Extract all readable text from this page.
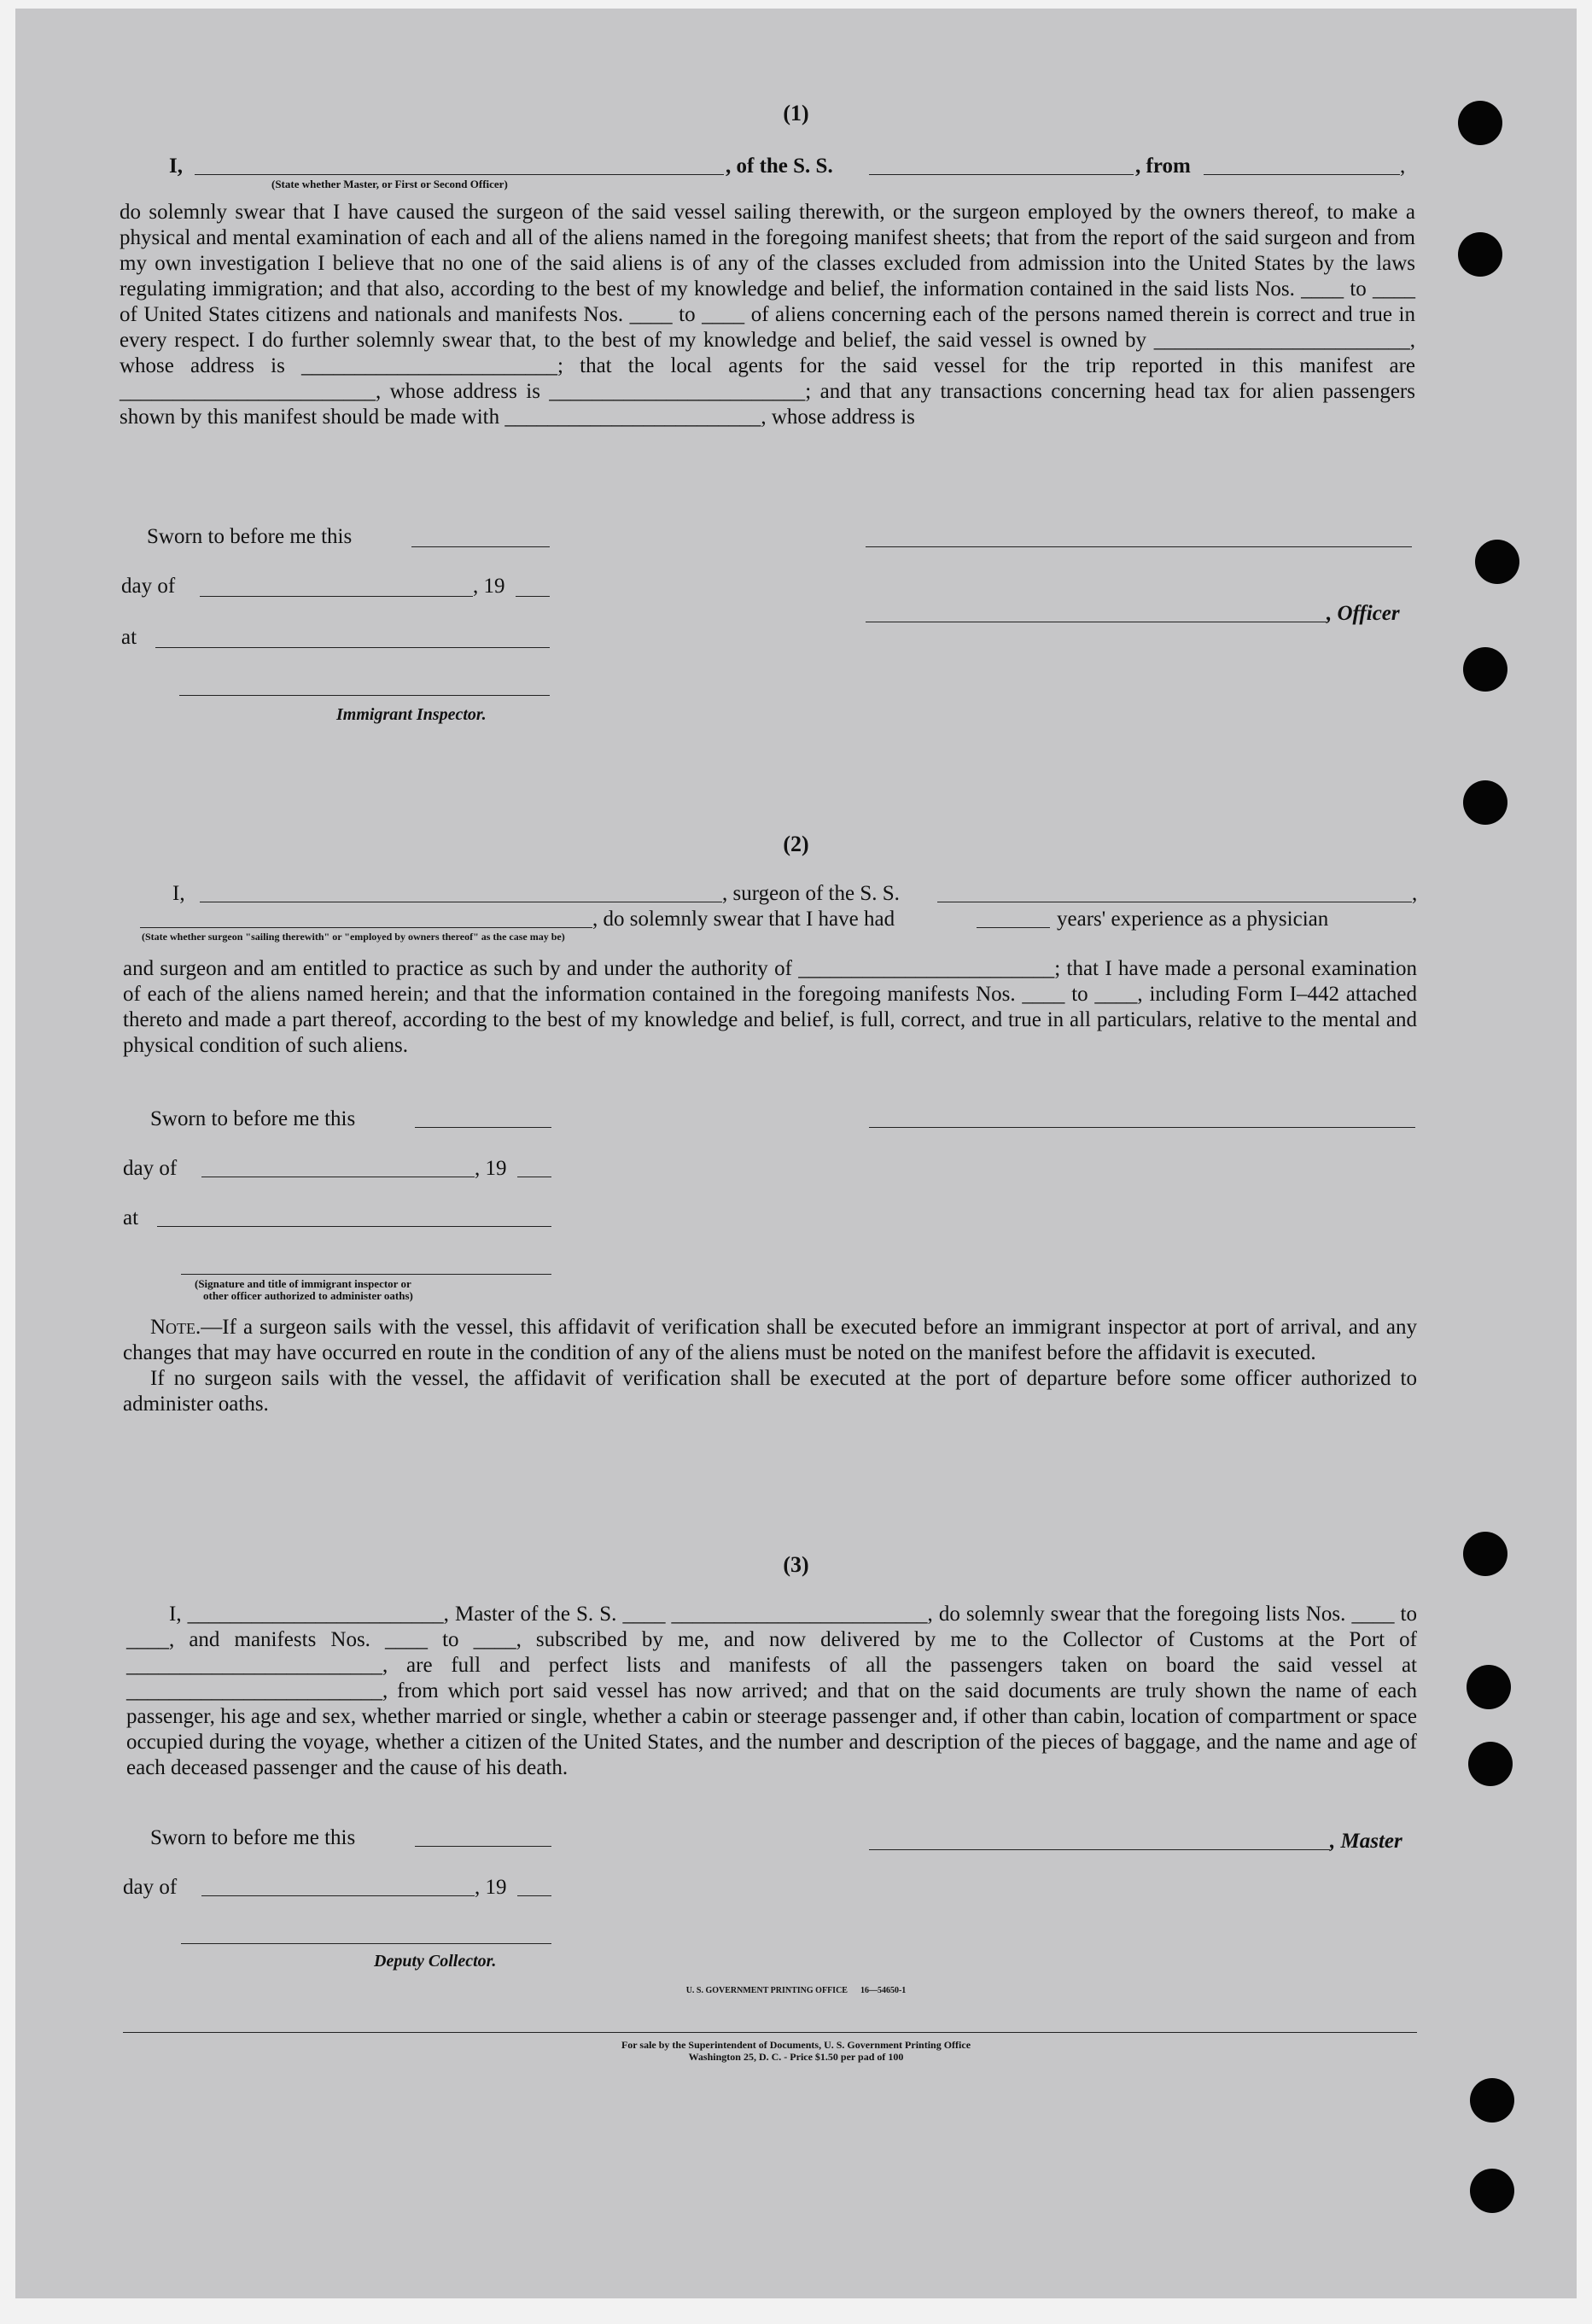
(1)
I,	, of the S. S.	, from	,
(State whether Master, or First or Second Officer)

do solemnly swear that I have caused the surgeon of the said vessel sailing therewith, or the surgeon employed by the owners thereof, to make a physical and mental examination of each and all of the aliens named in the foregoing manifest sheets; that from the report of the said surgeon and from my own investigation I believe that no one of the said aliens is of any of the classes excluded from admission into the United States by the laws regulating immigration; and that also, according to the best of my knowledge and belief, the information contained in the said lists Nos. ____ to ____ of United States citizens and nationals and manifests Nos. ____ to ____ of aliens concerning each of the persons named therein is correct and true in every respect. I do further solemnly swear that, to the best of my knowledge and belief, the said vessel is owned by ________________________, whose address is ________________________; that the local agents for the said vessel for the trip reported in this manifest are ________________________, whose address is ________________________; and that any transactions concerning head tax for alien passengers shown by this manifest should be made with ________________________, whose address is

Sworn to before me this
day of	, 19
, Officer
at
Immigrant Inspector.
(2)
I,	, surgeon of the S. S.	,
, do solemnly swear that I have had	years' experience as a physician
(State whether surgeon "sailing therewith" or "employed by owners thereof" as the case may be)

and surgeon and am entitled to practice as such by and under the authority of ________________________; that I have made a personal examination of each of the aliens named herein; and that the information contained in the foregoing manifests Nos. ____ to ____, including Form I–442 attached thereto and made a part thereof, according to the best of my knowledge and belief, is full, correct, and true in all particulars, relative to the mental and physical condition of such aliens.

Sworn to before me this
day of	, 19
at
(Signature and title of immigrant inspector or
other officer authorized to administer oaths)

Note.—If a surgeon sails with the vessel, this affidavit of verification shall be executed before an immigrant inspector at port of arrival, and any changes that may have occurred en route in the condition of any of the aliens must be noted on the manifest before the affidavit is executed.

If no surgeon sails with the vessel, the affidavit of verification shall be executed at the port of departure before some officer authorized to administer oaths.

(3)

I, ________________________, Master of the S. S. ____ ________________________, do solemnly swear that the foregoing lists Nos. ____ to ____, and manifests Nos. ____ to ____, subscribed by me, and now delivered by me to the Collector of Customs at the Port of ________________________, are full and perfect lists and manifests of all the passengers taken on board the said vessel at ________________________, from which port said vessel has now arrived; and that on the said documents are truly shown the name of each passenger, his age and sex, whether married or single, whether a cabin or steerage passenger and, if other than cabin, location of compartment or space occupied during the voyage, whether a citizen of the United States, and the number and description of the pieces of baggage, and the name and age of each deceased passenger and the cause of his death.

Sworn to before me this	, Master
day of	, 19
Deputy Collector.
U. S. GOVERNMENT PRINTING OFFICE      16—54650-1
For sale by the Superintendent of Documents, U. S. Government Printing Office
Washington 25, D. C. - Price $1.50 per pad of 100
